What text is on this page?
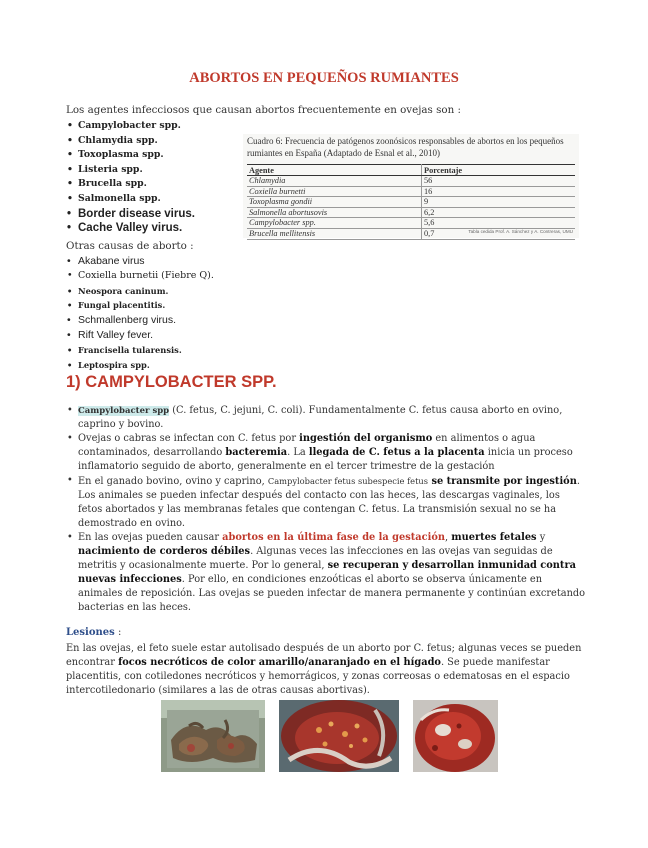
ABORTOS EN PEQUEÑOS RUMIANTES
Los agentes infecciosos que causan abortos frecuentemente en ovejas son :
• Campylobacter spp.
• Chlamydia spp.
• Toxoplasma spp.
• Listeria spp.
• Brucella spp.
• Salmonella spp.
• Border disease virus.
• Cache Valley virus.
Cuadro 6: Frecuencia de patógenos zoonósicos responsables de abortos en los pequeños rumiantes en España (Adaptado de Esnal et al., 2010)
Agente	Porcentaje
Chlamydia	56
Coxiella burnetti	16
Toxoplasma gondii	9
Salmonella abortusovis	6,2
Campylobacter spp.	5,6
Brucella mellitensis	0,7	Tabla cedida Prof. A. Sánchez y A. Contreras, UMU
Otras causas de aborto :
• Akabane virus
• Coxiella burnetii (Fiebre Q).
• Neospora caninum.
• Fungal placentitis.
• Schmallenberg virus.
• Rift Valley fever.
• Francisella tularensis.
• Leptospira spp.
1) CAMPYLOBACTER SPP.
• Campylobacter spp (C. fetus, C. jejuni, C. coli). Fundamentalmente C. fetus causa aborto en ovino, caprino y bovino.
• Ovejas o cabras se infectan con C. fetus por ingestión del organismo en alimentos o agua contaminados, desarrollando bacteremia. La llegada de C. fetus a la placenta inicia un proceso inflamatorio seguido de aborto, generalmente en el tercer trimestre de la gestación
• En el ganado bovino, ovino y caprino, Campylobacter fetus subespecie fetus se transmite por ingestión. Los animales se pueden infectar después del contacto con las heces, las descargas vaginales, los fetos abortados y las membranas fetales que contengan C. fetus. La transmisión sexual no se ha demostrado en ovino.
• En las ovejas pueden causar abortos en la última fase de la gestación, muertes fetales y nacimiento de corderos débiles. Algunas veces las infecciones en las ovejas van seguidas de metritis y ocasionalmente muerte. Por lo general, se recuperan y desarrollan inmunidad contra nuevas infecciones. Por ello, en condiciones enzoóticas el aborto se observa únicamente en animales de reposición. Las ovejas se pueden infectar de manera permanente y continúan excretando bacterias en las heces.
Lesiones :
En las ovejas, el feto suele estar autolisado después de un aborto por C. fetus; algunas veces se pueden encontrar focos necróticos de color amarillo/anaranjado en el hígado. Se puede manifestar placentitis, con cotiledones necróticos y hemorrágicos, y zonas correosas o edematosas en el espacio intercotiledonario (similares a las de otras causas abortivas).
